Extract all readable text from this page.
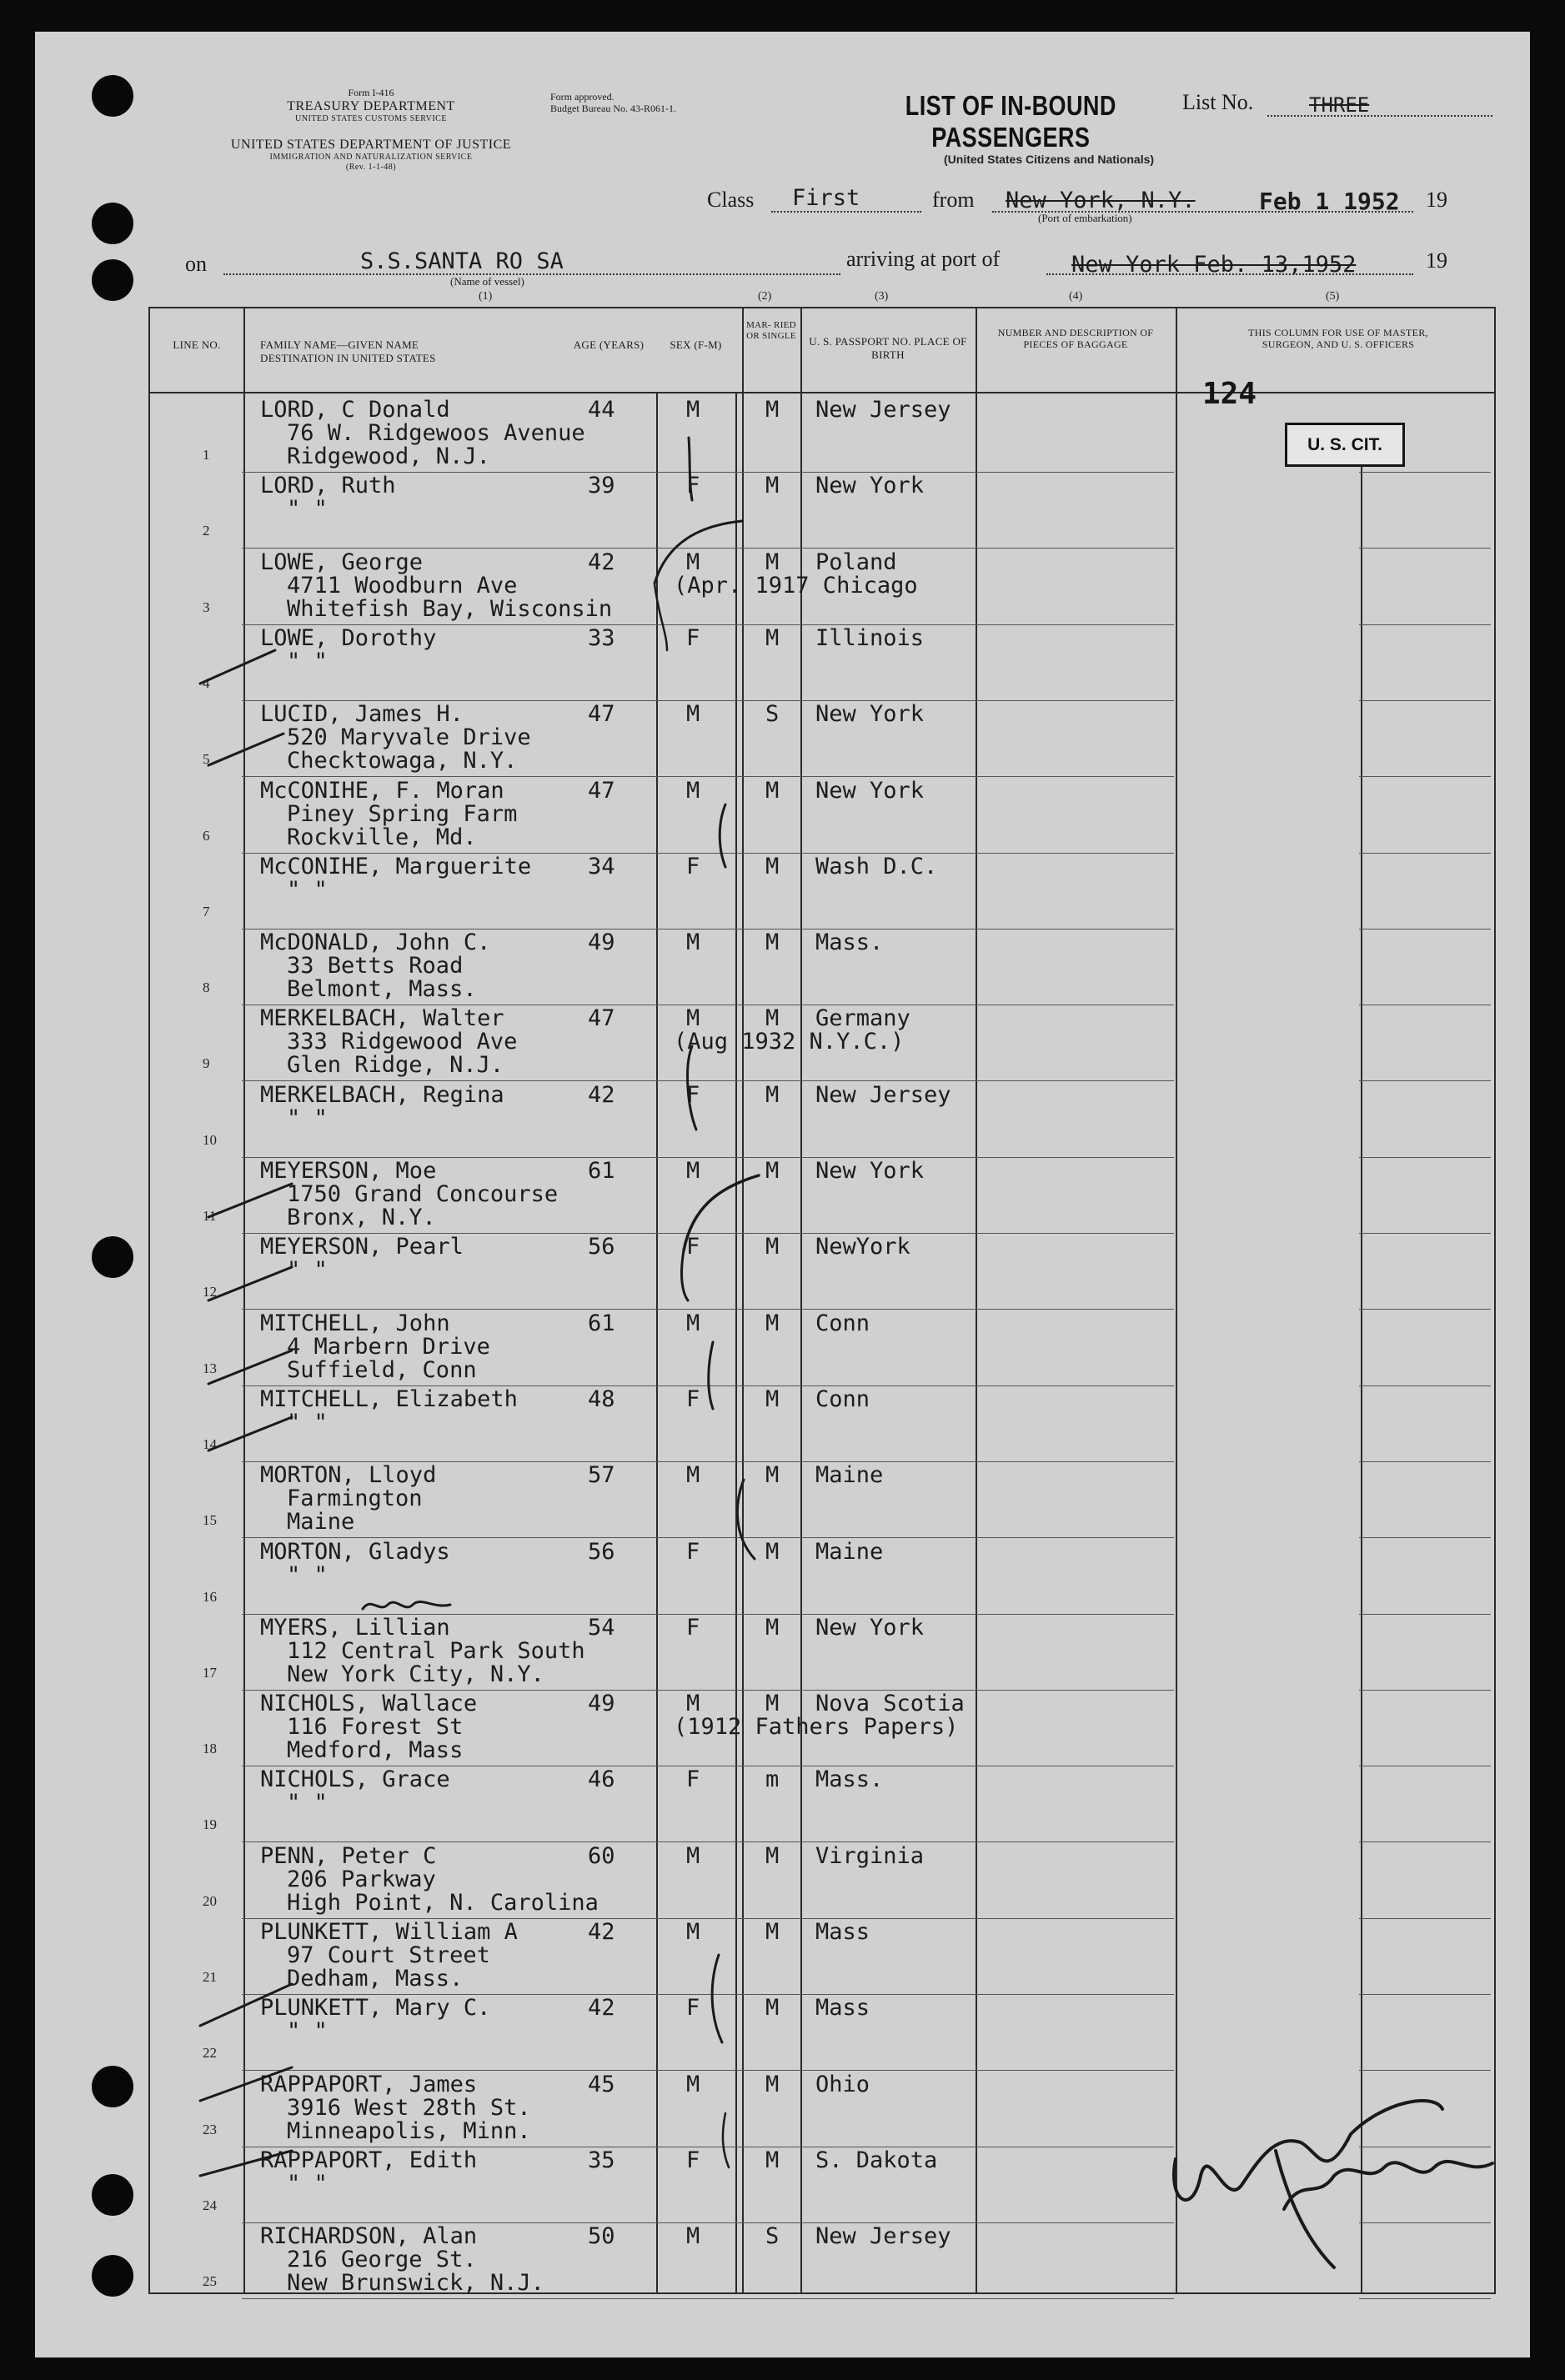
Form I-416
TREASURY DEPARTMENT
UNITED STATES CUSTOMS SERVICE
UNITED STATES DEPARTMENT OF JUSTICE
IMMIGRATION AND NATURALIZATION SERVICE
(Rev. 1-1-48)
Form approved.
Budget Bureau No. 43-R061-1.	List No.	THREE
LIST OF IN-BOUND PASSENGERS
(United States Citizens and Nationals)
Class First	from New York, N.Y.	Feb 1 1952 19
(Port of embarkation)
on	S.S.SANTA RO SA
(Name of vessel)
arriving at port of	New York Feb. 13,1952	19
(1)	(2)	(3)	(4)	(5)
LINE NO.	FAMILY NAME—GIVEN NAME
DESTINATION IN UNITED STATES
AGE (YEARS)	SEX (F-M)
MAR- RIED OR SINGLE	U. S. PASSPORT NO. PLACE OF BIRTH
NUMBER AND DESCRIPTION OF PIECES OF BAGGAGE
THIS COLUMN FOR USE OF MASTER, SURGEON, AND U. S. OFFICERS
1
LORD, C Donald
76 W. Ridgewoos Avenue
Ridgewood, N.J.
44	M	M New Jersey
2
LORD, Ruth
" "
39	F	M New York
3
LOWE, George
4711 Woodburn Ave
Whitefish Bay, Wisconsin
42	M	M Poland
(Apr. 1917 Chicago
4
LOWE, Dorothy
" "
33	F	M Illinois
5
LUCID, James H.
520 Maryvale Drive
Checktowaga, N.Y.
47	M	S New York
6
McCONIHE, F. Moran
Piney Spring Farm
Rockville, Md.
47	M	M New York
7
McCONIHE, Marguerite
" "
34	F	M Wash D.C.
8
McDONALD, John C.
33 Betts Road
Belmont, Mass.
49	M	M Mass.
9
MERKELBACH, Walter
333 Ridgewood Ave
Glen Ridge, N.J.
47	M	M Germany
(Aug 1932 N.Y.C.)
10
MERKELBACH, Regina
" "
42	F	M New Jersey
11
MEYERSON, Moe
1750 Grand Concourse
Bronx, N.Y.
61	M	M New York
12
MEYERSON, Pearl
" "
56	F	M NewYork
13
MITCHELL, John
4 Marbern Drive
Suffield, Conn
61	M	M Conn
14
MITCHELL, Elizabeth
" "
48	F	M Conn
15
MORTON, Lloyd
Farmington
Maine
57	M	M Maine
16
MORTON, Gladys
" "
56	F	M Maine
17
MYERS, Lillian
112 Central Park South
New York City, N.Y.
54	F	M New York
18
NICHOLS, Wallace
116 Forest St
Medford, Mass
49	M	M Nova Scotia
(1912 Fathers Papers)
19
NICHOLS, Grace
" "
46	F	m Mass.
20
PENN, Peter C
206 Parkway
High Point, N. Carolina
60	M	M Virginia
21
PLUNKETT, William A
97 Court Street
Dedham, Mass.
42	M	M Mass
22
PLUNKETT, Mary C.
" "
42	F	M Mass
23
RAPPAPORT, James
3916 West 28th St.
Minneapolis, Minn.
45	M	M Ohio
24
RAPPAPORT, Edith
" "
35	F	M S. Dakota
25
RICHARDSON, Alan
216 George St.
New Brunswick, N.J.
50	M	S New Jersey
124
U. S. CIT.
